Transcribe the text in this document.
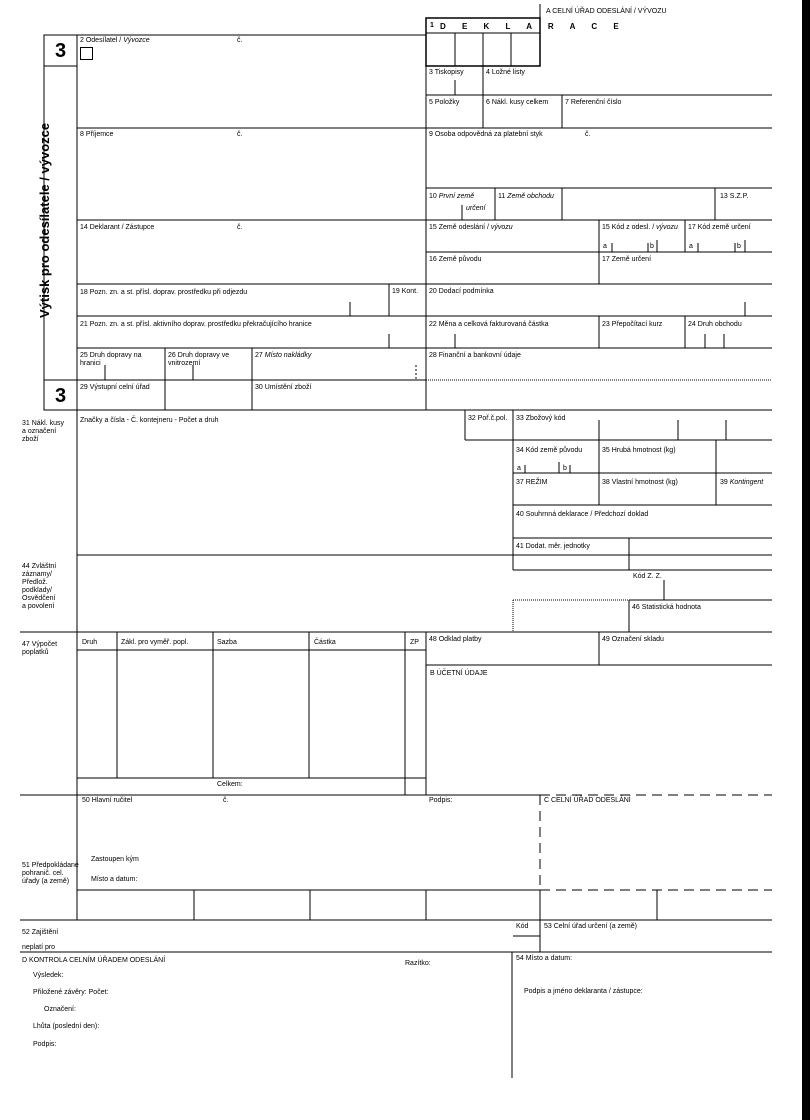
3
3
Výtisk pro odesílatele / vývozce
A CELNÍ ÚŘAD ODESLÁNÍ / VÝVOZU
1 D E K L A R A C E
2 Odesílatel / Vývozce	č.
3 Tiskopisy	4 Ložné listy
5 Položky	6 Nákl. kusy celkem 7 Referenční číslo
8 Příjemce	č.	9 Osoba odpovědná za platební styk	č.
10 První země
určení
11 Země obchodu	13 S.Z.P.
14 Deklarant / Zástupce	č.	15 Země odeslání / vývozu	15 Kód z odesl. / vývozu 17 Kód země určení
a	b	a	b
16 Země původu	17 Země určení
18 Pozn. zn. a st. přísl. doprav. prostředku při odjezdu	19 Kont. 20 Dodací podmínka
21 Pozn. zn. a st. přísl. aktivního doprav. prostředku překračujícího hranice	22 Měna a celková fakturovaná částka	23 Přepočítací kurz	24 Druh obchodu
25 Druh dopravy na
hranici
26 Druh dopravy ve
vnitrozemí
27 Místo nakládky	28 Finanční a bankovní údaje
29 Výstupní celní úřad	30 Umístění zboží
31 Nákl. kusy
a označení
zboží
Značky a čísla - Č. kontejneru - Počet a druh	32 Poř.č.pol. 33 Zbožový kód
34 Kód země původu	35 Hrubá hmotnost (kg)
a	b
37 REŽIM	38 Vlastní hmotnost (kg)	39 Kontingent
40 Souhrnná deklarace / Předchozí doklad
41 Dodat. měr. jednotky
44 Zvláštní
záznamy/
Předlož.
podklady/
Osvědčení
a povolení
Kód Z. Z.
46 Statistická hodnota
47 Výpočet
poplatků
Druh	Zákl. pro vyměř. popl.	Sazba	Částka	ZP
Celkem:
48 Odklad platby	49 Označení skladu
B ÚČETNÍ ÚDAJE
50 Hlavní ručitel	č.	Podpis:	C CELNÍ ÚŘAD ODESLÁNÍ
Zastoupen kým
Místo a datum:
51 Předpokládané
pohranič. cel.
úřady (a země)
52 Zajištění
neplatí pro
Kód 53 Celní úřad určení (a země)
D KONTROLA CELNÍM ÚŘADEM ODESLÁNÍ	Razítko:
54 Místo a datum:
Podpis a jméno deklaranta / zástupce:
Výsledek:
Přiložené závěry: Počet:
Označení:
Lhůta (poslední den):
Podpis:
